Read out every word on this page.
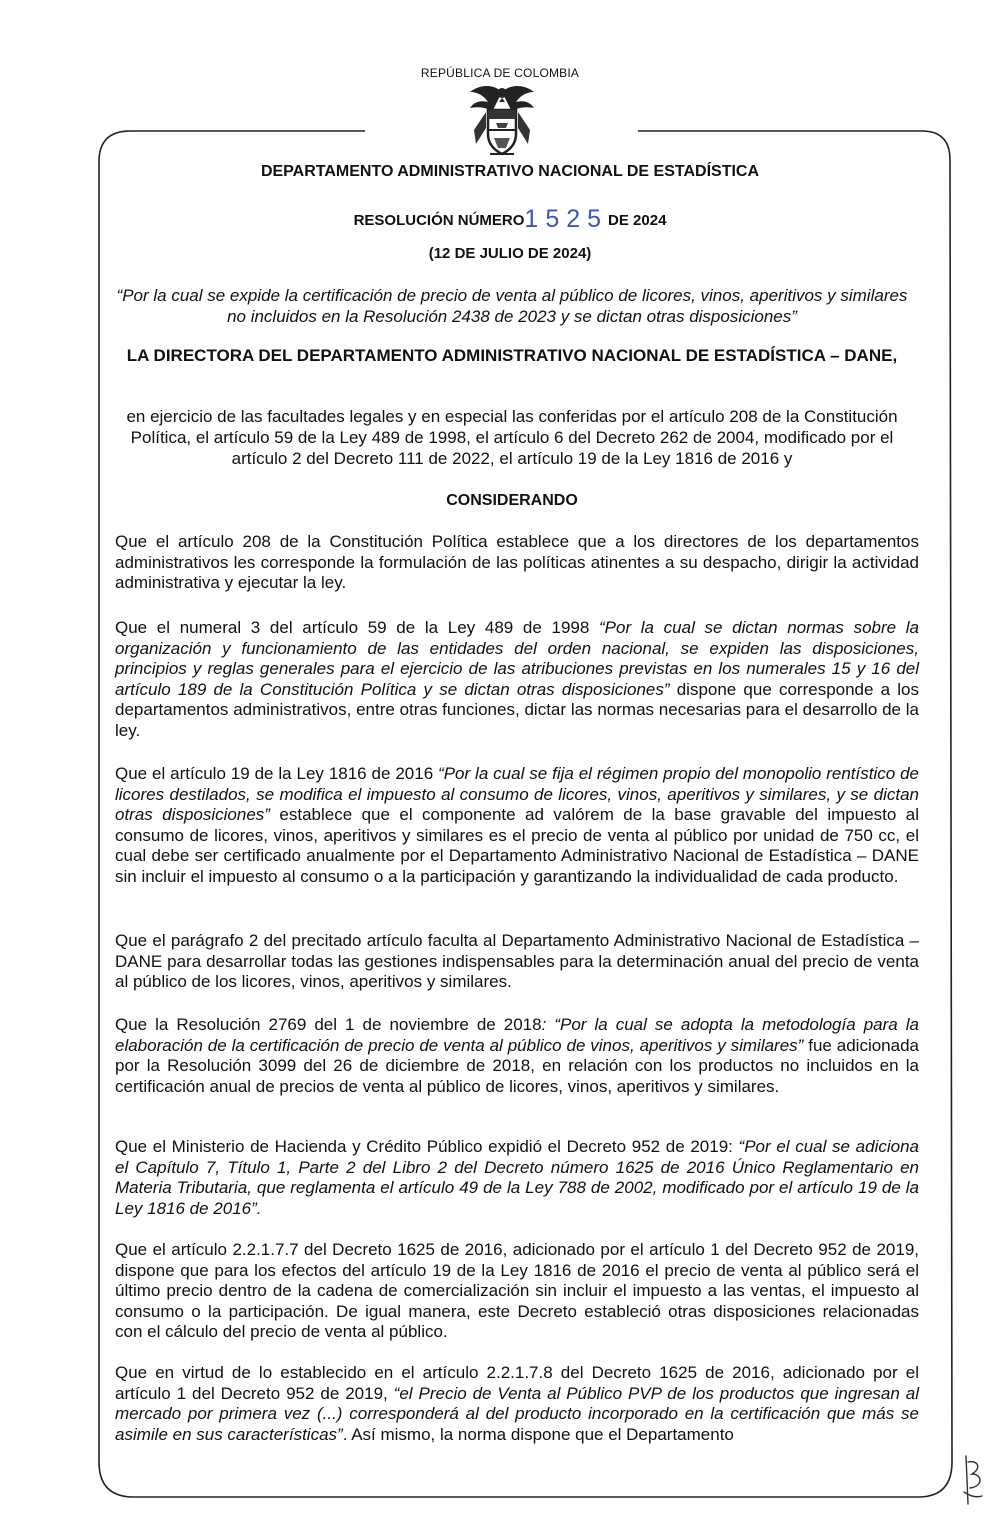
REPÚBLICA DE COLOMBIA
DEPARTAMENTO ADMINISTRATIVO NACIONAL DE ESTADÍSTICA
RESOLUCIÓN NÚMERO1525DE 2024
(12 DE JULIO DE 2024)
“Por la cual se expide la certificación de precio de venta al público de licores, vinos, aperitivos y similares no incluidos en la Resolución 2438 de 2023 y se dictan otras disposiciones”
LA DIRECTORA DEL DEPARTAMENTO ADMINISTRATIVO NACIONAL DE ESTADÍSTICA – DANE,
en ejercicio de las facultades legales y en especial las conferidas por el artículo 208 de la Constitución Política, el artículo 59 de la Ley 489 de 1998, el artículo 6 del Decreto 262 de 2004, modificado por el artículo 2 del Decreto 111 de 2022, el artículo 19 de la Ley 1816 de 2016 y
CONSIDERANDO
Que el artículo 208 de la Constitución Política establece que a los directores de los departamentos administrativos les corresponde la formulación de las políticas atinentes a su despacho, dirigir la actividad administrativa y ejecutar la ley.
Que el numeral 3 del artículo 59 de la Ley 489 de 1998 “Por la cual se dictan normas sobre la organización y funcionamiento de las entidades del orden nacional, se expiden las disposiciones, principios y reglas generales para el ejercicio de las atribuciones previstas en los numerales 15 y 16 del artículo 189 de la Constitución Política y se dictan otras disposiciones” dispone que corresponde a los departamentos administrativos, entre otras funciones, dictar las normas necesarias para el desarrollo de la ley.
Que el artículo 19 de la Ley 1816 de 2016 “Por la cual se fija el régimen propio del monopolio rentístico de licores destilados, se modifica el impuesto al consumo de licores, vinos, aperitivos y similares, y se dictan otras disposiciones” establece que el componente ad valórem de la base gravable del impuesto al consumo de licores, vinos, aperitivos y similares es el precio de venta al público por unidad de 750 cc, el cual debe ser certificado anualmente por el Departamento Administrativo Nacional de Estadística – DANE sin incluir el impuesto al consumo o a la participación y garantizando la individualidad de cada producto.
Que el parágrafo 2 del precitado artículo faculta al Departamento Administrativo Nacional de Estadística – DANE para desarrollar todas las gestiones indispensables para la determinación anual del precio de venta al público de los licores, vinos, aperitivos y similares.
Que la Resolución 2769 del 1 de noviembre de 2018: “Por la cual se adopta la metodología para la elaboración de la certificación de precio de venta al público de vinos, aperitivos y similares” fue adicionada por la Resolución 3099 del 26 de diciembre de 2018, en relación con los productos no incluidos en la certificación anual de precios de venta al público de licores, vinos, aperitivos y similares.
Que el Ministerio de Hacienda y Crédito Público expidió el Decreto 952 de 2019: “Por el cual se adiciona el Capítulo 7, Título 1, Parte 2 del Libro 2 del Decreto número 1625 de 2016 Único Reglamentario en Materia Tributaria, que reglamenta el artículo 49 de la Ley 788 de 2002, modificado por el artículo 19 de la Ley 1816 de 2016”.
Que el artículo 2.2.1.7.7 del Decreto 1625 de 2016, adicionado por el artículo 1 del Decreto 952 de 2019, dispone que para los efectos del artículo 19 de la Ley 1816 de 2016 el precio de venta al público será el último precio dentro de la cadena de comercialización sin incluir el impuesto a las ventas, el impuesto al consumo o la participación. De igual manera, este Decreto estableció otras disposiciones relacionadas con el cálculo del precio de venta al público.
Que en virtud de lo establecido en el artículo 2.2.1.7.8 del Decreto 1625 de 2016, adicionado por el artículo 1 del Decreto 952 de 2019, “el Precio de Venta al Público PVP de los productos que ingresan al mercado por primera vez (...) corresponderá al del producto incorporado en la certificación que más se asimile en sus características”. Así mismo, la norma dispone que el Departamento
